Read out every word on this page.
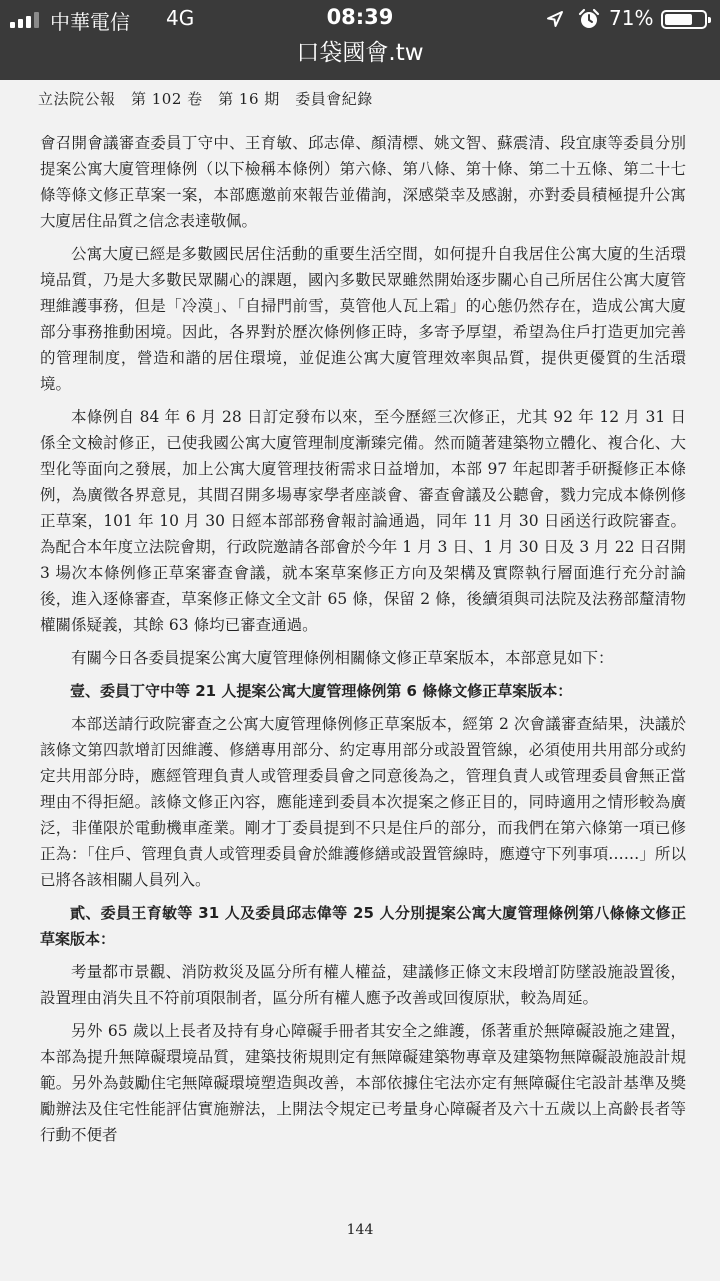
中華電信 4G	08:39	71%
口袋國會.tw
立法院公報　第 102 卷　第 16 期　委員會紀錄

會召開會議審查委員丁守中、王育敏、邱志偉、顏清標、姚文智、蘇震清、段宜康等委員分別提案公寓大廈管理條例（以下檢稱本條例）第六條、第八條、第十條、第二十五條、第二十七條等條文修正草案一案，本部應邀前來報告並備詢，深感榮幸及感謝，亦對委員積極提升公寓大廈居住品質之信念表達敬佩。

公寓大廈已經是多數國民居住活動的重要生活空間，如何提升自我居住公寓大廈的生活環境品質，乃是大多數民眾關心的課題，國內多數民眾雖然開始逐步關心自己所居住公寓大廈管理維護事務，但是「冷漠」、「自掃門前雪，莫管他人瓦上霜」的心態仍然存在，造成公寓大廈部分事務推動困境。因此，各界對於歷次條例修正時，多寄予厚望，希望為住戶打造更加完善的管理制度，營造和諧的居住環境，並促進公寓大廈管理效率與品質，提供更優質的生活環境。

本條例自 84 年 6 月 28 日訂定發布以來，至今歷經三次修正，尤其 92 年 12 月 31 日係全文檢討修正，已使我國公寓大廈管理制度漸臻完備。然而隨著建築物立體化、複合化、大型化等面向之發展，加上公寓大廈管理技術需求日益增加，本部 97 年起即著手研擬修正本條例，為廣徵各界意見，其間召開多場專家學者座談會、審查會議及公聽會，戮力完成本條例修正草案，101 年 10 月 30 日經本部部務會報討論通過，同年 11 月 30 日函送行政院審查。為配合本年度立法院會期，行政院邀請各部會於今年 1 月 3 日、1 月 30 日及 3 月 22 日召開 3 場次本條例修正草案審查會議，就本案草案修正方向及架構及實際執行層面進行充分討論後，進入逐條審查，草案修正條文全文計 65 條，保留 2 條，後續須與司法院及法務部釐清物權關係疑義，其餘 63 條均已審查通過。

有關今日各委員提案公寓大廈管理條例相關條文修正草案版本，本部意見如下：

壹、委員丁守中等 21 人提案公寓大廈管理條例第 6 條條文修正草案版本：

本部送請行政院審查之公寓大廈管理條例修正草案版本，經第 2 次會議審查結果，決議於該條文第四款增訂因維護、修繕專用部分、約定專用部分或設置管線，必須使用共用部分或約定共用部分時，應經管理負責人或管理委員會之同意後為之，管理負責人或管理委員會無正當理由不得拒絕。該條文修正內容，應能達到委員本次提案之修正目的，同時適用之情形較為廣泛，非僅限於電動機車產業。剛才丁委員提到不只是住戶的部分，而我們在第六條第一項已修正為：「住戶、管理負責人或管理委員會於維護修繕或設置管線時，應遵守下列事項……」所以已將各該相關人員列入。

貳、委員王育敏等 31 人及委員邱志偉等 25 人分別提案公寓大廈管理條例第八條條文修正草案版本：

考量都市景觀、消防救災及區分所有權人權益，建議修正條文末段增訂防墜設施設置後，設置理由消失且不符前項限制者，區分所有權人應予改善或回復原狀，較為周延。

另外 65 歲以上長者及持有身心障礙手冊者其安全之維護，係著重於無障礙設施之建置，本部為提升無障礙環境品質，建築技術規則定有無障礙建築物專章及建築物無障礙設施設計規範。另外為鼓勵住宅無障礙環境塑造與改善，本部依據住宅法亦定有無障礙住宅設計基準及獎勵辦法及住宅性能評估實施辦法，上開法令規定已考量身心障礙者及六十五歲以上高齡長者等行動不便者

144
